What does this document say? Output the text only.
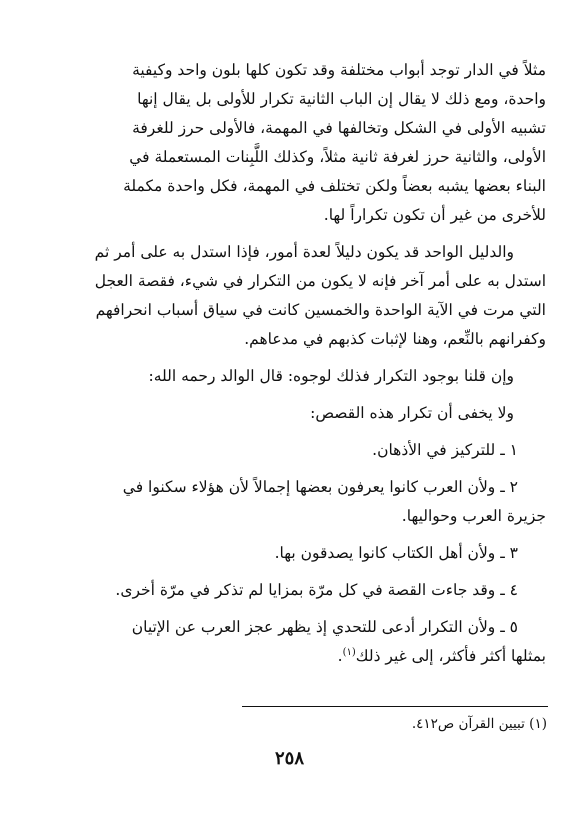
مثلاً في الدار توجد أبواب مختلفة وقد تكون كلها بلون واحد وكيفية
واحدة، ومع ذلك لا يقال إن الباب الثانية تكرار للأولى بل يقال إنها
تشبيه الأولى في الشكل وتخالفها في المهمة، فالأولى حرز للغرفة
الأولى، والثانية حرز لغرفة ثانية مثلاً، وكذلك اللَّبِنات المستعملة في
البناء بعضها يشبه بعضاً ولكن تختلف في المهمة، فكل واحدة مكملة
للأخرى من غير أن تكون تكراراً لها.
والدليل الواحد قد يكون دليلاً لعدة أمور، فإذا استدل به على أمر ثم
استدل به على أمر آخر فإنه لا يكون من التكرار في شيء، فقصة العجل
التي مرت في الآية الواحدة والخمسين كانت في سياق أسباب انحرافهم
وكفرانهم بالنِّعم، وهنا لإثبات كذبهم في مدعاهم.
وإن قلنا بوجود التكرار فذلك لوجوه: قال الوالد رحمه الله:
ولا يخفى أن تكرار هذه القصص:
١ ـ للتركيز في الأذهان.
٢ ـ ولأن العرب كانوا يعرفون بعضها إجمالاً لأن هؤلاء سكنوا في
جزيرة العرب وحواليها.
٣ ـ ولأن أهل الكتاب كانوا يصدقون بها.
٤ ـ وقد جاءت القصة في كل مرّة بمزايا لم تذكر في مرّة أخرى.
٥ ـ ولأن التكرار أدعى للتحدي إذ يظهر عجز العرب عن الإتيان
بمثلها أكثر فأكثر، إلى غير ذلك$^{(١)}$.
(١) تبيين القرآن ص٤١٢.
٢٥٨
